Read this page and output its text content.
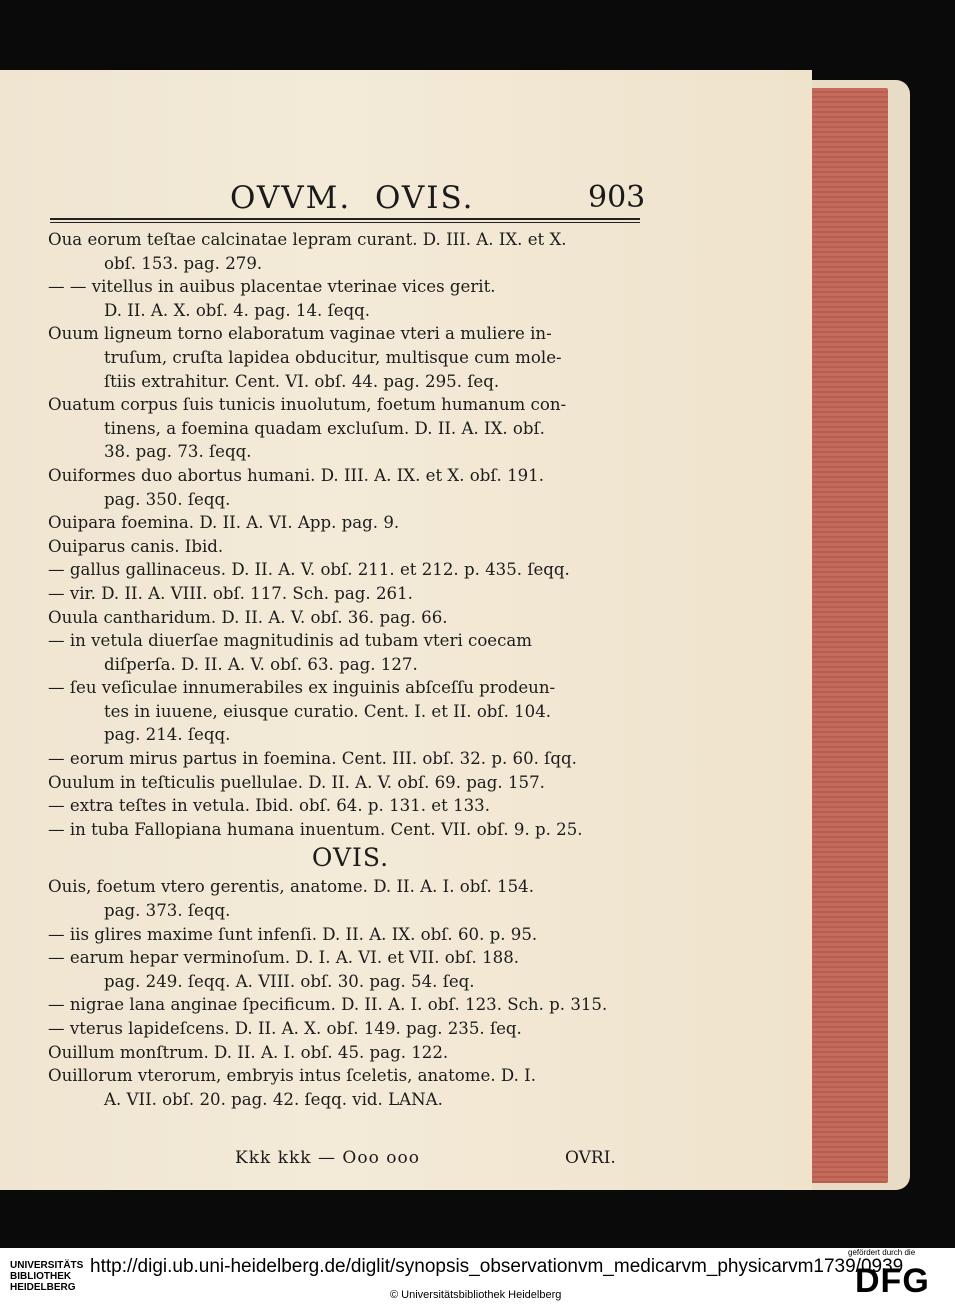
OVVM. OVIS.	903
Oua eorum teſtae calcinatae lepram curant. D. III. A. IX. et X.
obſ. 153. pag. 279.
— — vitellus in auibus placentae vterinae vices gerit.
D. II. A. X. obſ. 4. pag. 14. ſeqq.
Ouum ligneum torno elaboratum vaginae vteri a muliere in-
truſum, cruſta lapidea obducitur, multisque cum mole-
ſtiis extrahitur. Cent. VI. obſ. 44. pag. 295. ſeq.
Ouatum corpus ſuis tunicis inuolutum, foetum humanum con-
tinens, a foemina quadam excluſum. D. II. A. IX. obſ.
38. pag. 73. ſeqq.
Ouiformes duo abortus humani. D. III. A. IX. et X. obſ. 191.
pag. 350. ſeqq.
Ouipara foemina. D. II. A. VI. App. pag. 9.
Ouiparus canis. Ibid.
— gallus gallinaceus. D. II. A. V. obſ. 211. et 212. p. 435. ſeqq.
— vir. D. II. A. VIII. obſ. 117. Sch. pag. 261.
Ouula cantharidum. D. II. A. V. obſ. 36. pag. 66.
— in vetula diuerſae magnitudinis ad tubam vteri coecam
diſperſa. D. II. A. V. obſ. 63. pag. 127.
— ſeu veſiculae innumerabiles ex inguinis abſceſſu prodeun-
tes in iuuene, eiusque curatio. Cent. I. et II. obſ. 104.
pag. 214. ſeqq.
— eorum mirus partus in foemina. Cent. III. obſ. 32. p. 60. ſqq.
Ouulum in teſticulis puellulae. D. II. A. V. obſ. 69. pag. 157.
— extra teſtes in vetula. Ibid. obſ. 64. p. 131. et 133.
— in tuba Fallopiana humana inuentum. Cent. VII. obſ. 9. p. 25.
OVIS.
Ouis, foetum vtero gerentis, anatome. D. II. A. I. obſ. 154.
pag. 373. ſeqq.
— iis glires maxime ſunt infenſi. D. II. A. IX. obſ. 60. p. 95.
— earum hepar verminoſum. D. I. A. VI. et VII. obſ. 188.
pag. 249. ſeqq. A. VIII. obſ. 30. pag. 54. ſeq.
— nigrae lana anginae ſpecificum. D. II. A. I. obſ. 123. Sch. p. 315.
— vterus lapideſcens. D. II. A. X. obſ. 149. pag. 235. ſeq.
Ouillum monſtrum. D. II. A. I. obſ. 45. pag. 122.
Ouillorum vterorum, embryis intus ſceletis, anatome. D. I.
A. VII. obſ. 20. pag. 42. ſeqq. vid. LANA.
Kkk kkk — Ooo ooo	OVRI.
UNIVERSITÄTS
BIBLIOTHEK
HEIDELBERG
http://digi.ub.uni-heidelberg.de/diglit/synopsis_observationvm_medicarvm_physicarvm1739/0939
© Universitätsbibliothek Heidelberg
gefördert durch die
DFG
